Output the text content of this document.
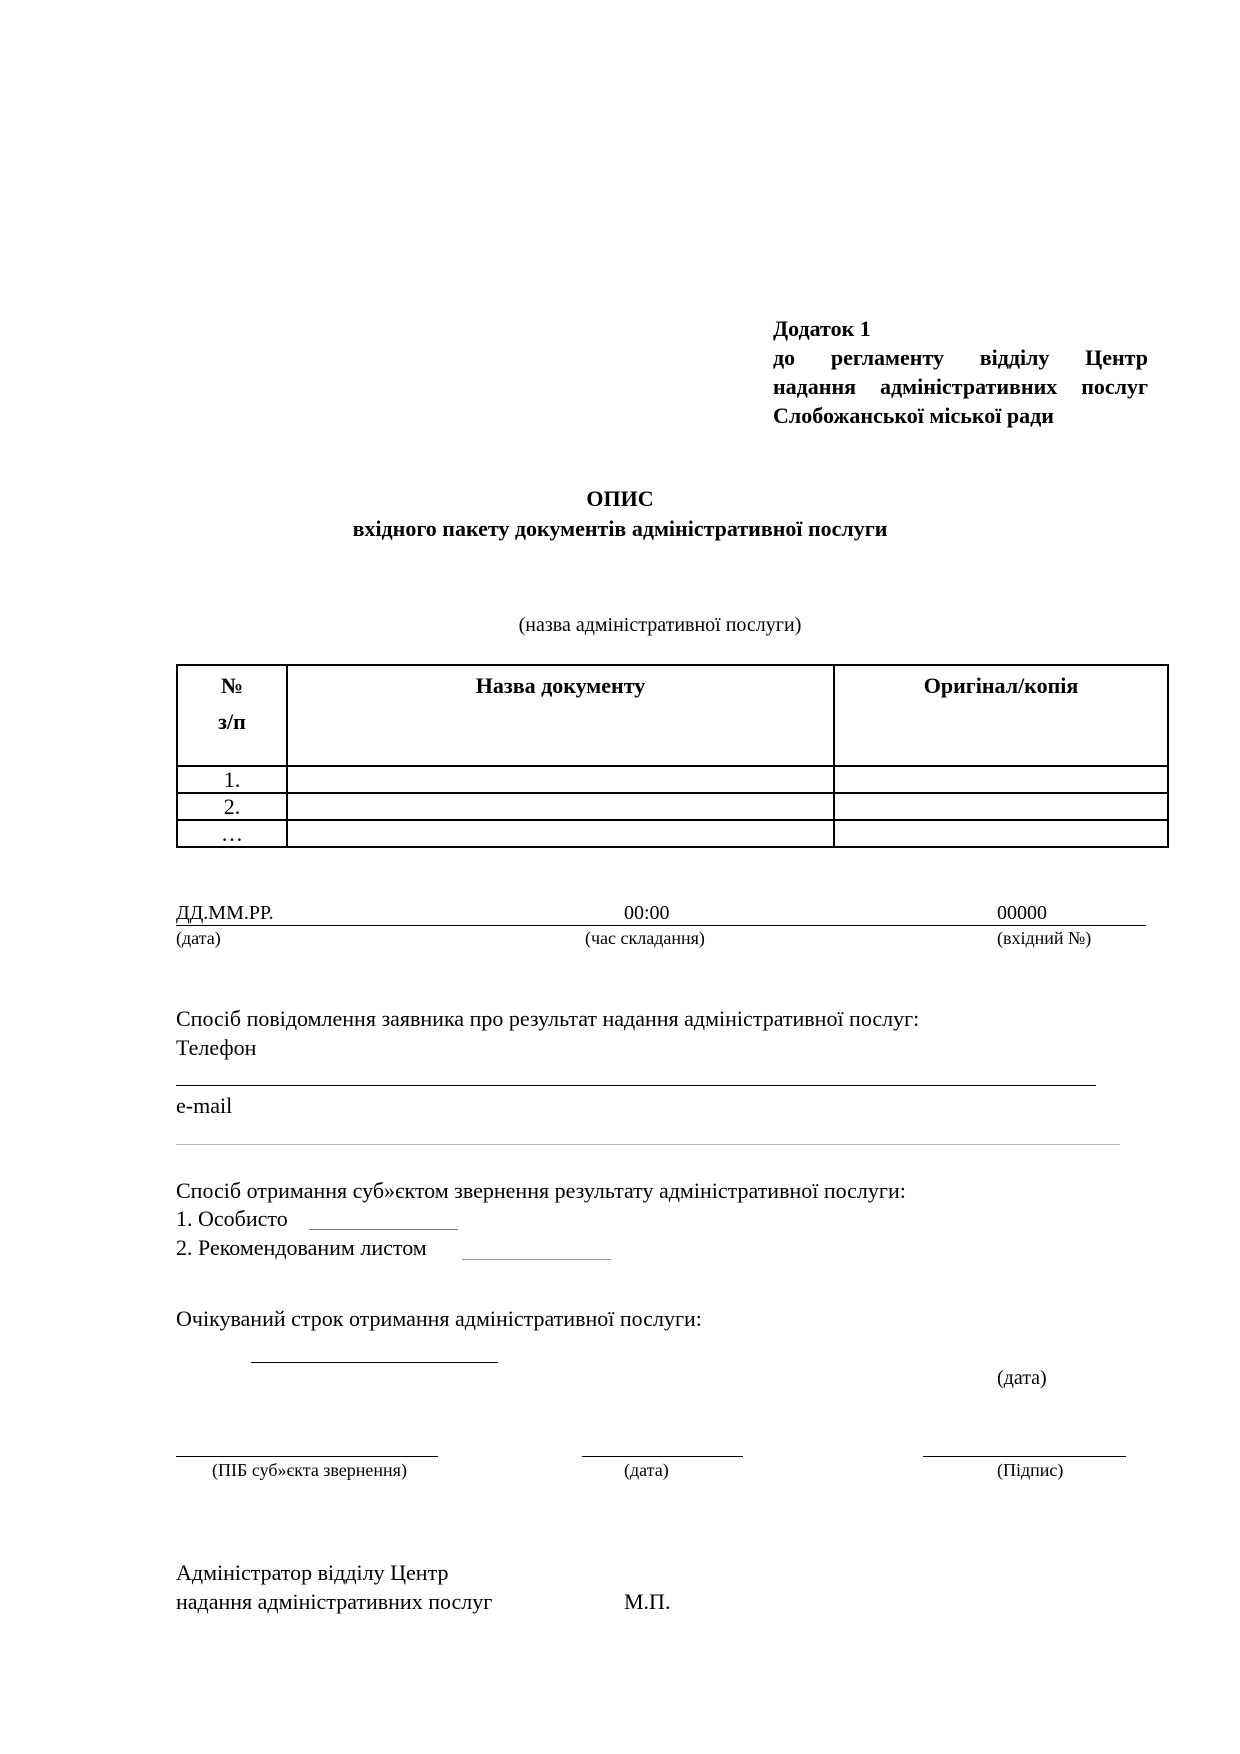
Додаток 1
до регламенту відділу Центр
надання адміністративних послуг
Слобожанської міської ради
ОПИС
вхідного пакету документів адміністративної послуги
(назва адміністративної послуги)
№
з/п	Назва документу	Оригінал/копія
1.		
2.		
…		
ДД.ММ.РР.	00:00	00000
(дата)	(час складання)	(вхідний №)
Спосіб повідомлення заявника про результат надання адміністративної послуг:
Телефон
e-mail
Спосіб отримання суб»єктом звернення результату адміністративної послуги:
1. Особисто
2. Рекомендованим листом
Очікуваний строк отримання адміністративної послуги:
(дата)
(ПІБ суб»єкта звернення)	(дата)	(Підпис)
Адміністратор відділу Центр
надання адміністративних послуг	М.П.
